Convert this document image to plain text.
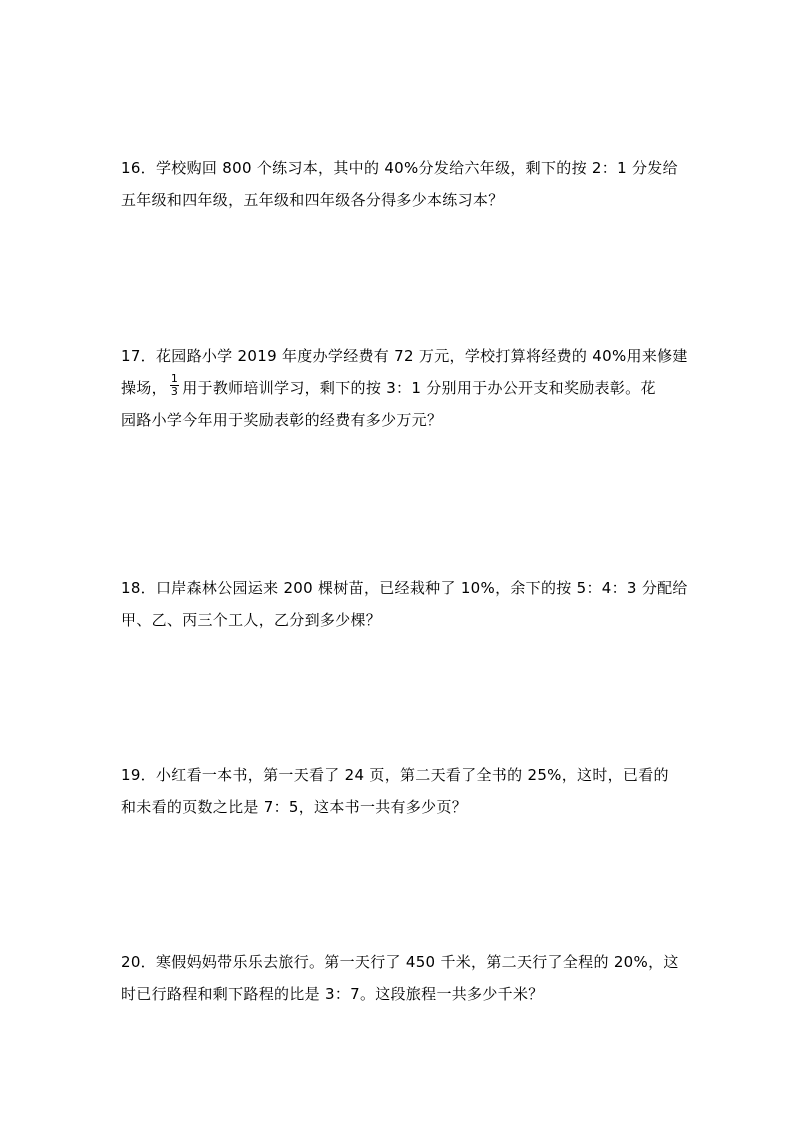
16．学校购回 800 个练习本，其中的 40%分发给六年级，剩下的按 2：1 分发给
五年级和四年级，五年级和四年级各分得多少本练习本？
17．花园路小学 2019 年度办学经费有 72 万元，学校打算将经费的 40%用来修建
操场， $\frac{1}{3}$ 用于教师培训学习，剩下的按 3：1 分别用于办公开支和奖励表彰。花
园路小学今年用于奖励表彰的经费有多少万元？
18．口岸森林公园运来 200 棵树苗，已经栽种了 10%，余下的按 5：4：3 分配给
甲、乙、丙三个工人，乙分到多少棵？
19．小红看一本书，第一天看了 24 页，第二天看了全书的 25%，这时，已看的
和未看的页数之比是 7：5，这本书一共有多少页？
20．寒假妈妈带乐乐去旅行。第一天行了 450 千米，第二天行了全程的 20%，这
时已行路程和剩下路程的比是 3：7。这段旅程一共多少千米？
